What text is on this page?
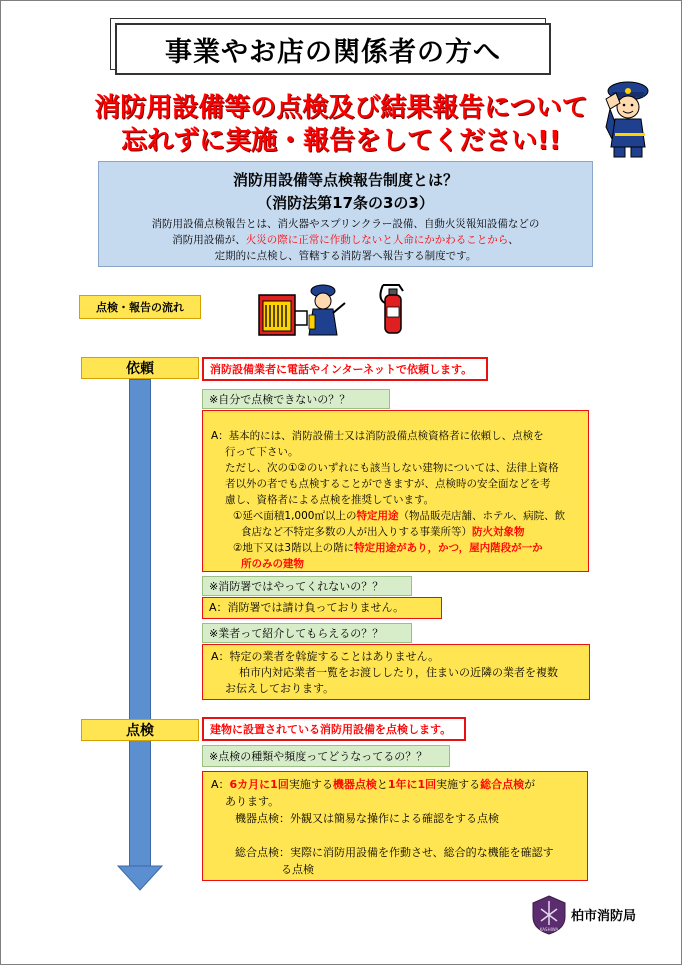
事業やお店の関係者の方へ
消防用設備等の点検及び結果報告について
忘れずに実施・報告をしてください!!
消防用設備等点検報告制度とは？
（消防法第17条の3の3）
消防用設備点検報告とは、消火器やスプリンクラー設備、自動火災報知設備などの
消防用設備が、火災の際に正常に作動しないと人命にかかわることから、
定期的に点検し、管轄する消防署へ報告する制度です。
点検・報告の流れ
依頼	消防設備業者に電話やインターネットで依頼します。
※自分で点検できないの？？
A：基本的には、消防設備士又は消防設備点検資格者に依頼し、点検を
行って下さい。
ただし、次の①②のいずれにも該当しない建物については、法律上資格
者以外の者でも点検することができますが、点検時の安全面などを考
慮し、資格者による点検を推奨しています。
①延べ面積1,000㎡以上の特定用途（物品販売店舗、ホテル、病院、飲
食店など不特定多数の人が出入りする事業所等）防火対象物
②地下又は3階以上の階に特定用途があり，かつ，屋内階段が一か
所のみの建物
※消防署ではやってくれないの？？
A：消防署では請け負っておりません。
※業者って紹介してもらえるの？？
A：特定の業者を斡旋することはありません。
柏市内対応業者一覧をお渡ししたり，住まいの近隣の業者を複数
お伝えしております。
点検	建物に設置されている消防用設備を点検します。
※点検の種類や頻度ってどうなってるの？？
A：6カ月に1回実施する機器点検と1年に1回実施する総合点検が
あります。
機器点検：外観又は簡易な操作による確認をする点検
総合点検：実際に消防用設備を作動させ、総合的な機能を確認す
る点検
KASHIWA
柏市消防局
